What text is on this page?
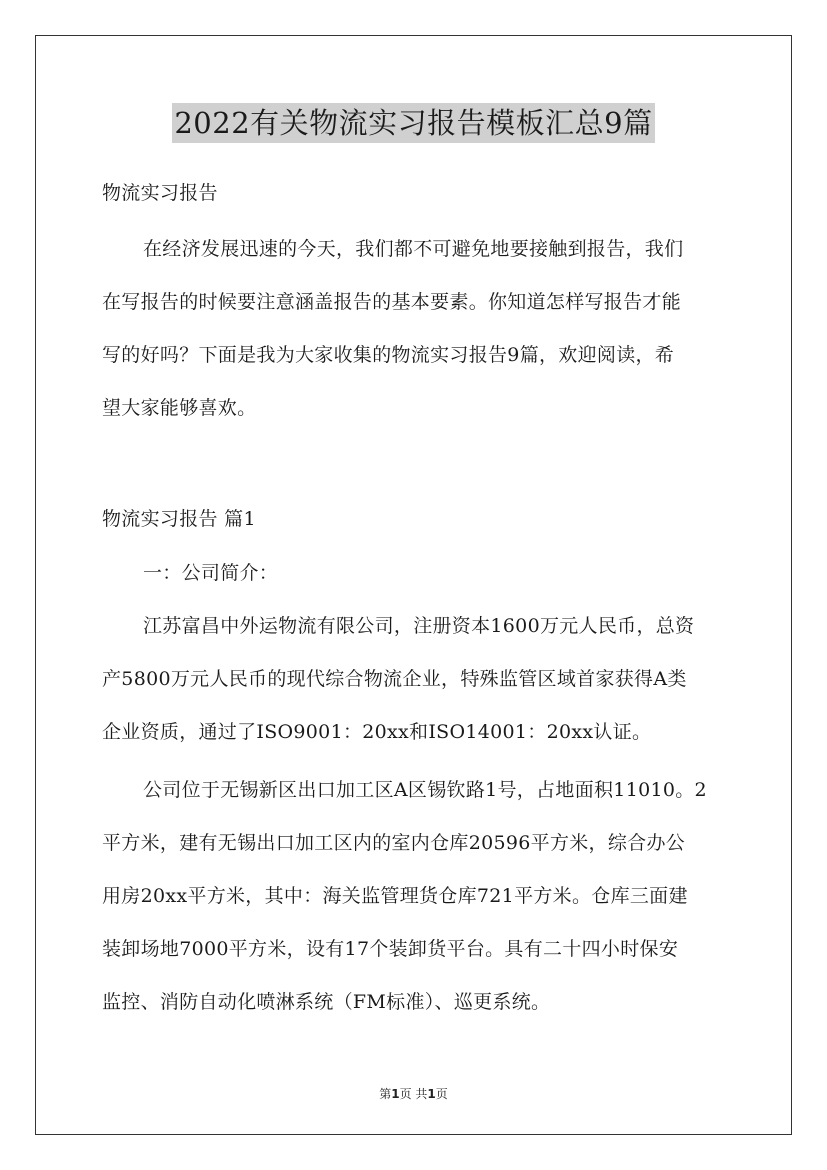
2022有关物流实习报告模板汇总9篇
物流实习报告
在经济发展迅速的今天，我们都不可避免地要接触到报告，我们
在写报告的时候要注意涵盖报告的基本要素。你知道怎样写报告才能
写的好吗？下面是我为大家收集的物流实习报告9篇，欢迎阅读，希
望大家能够喜欢。
物流实习报告 篇1
一：公司简介：
江苏富昌中外运物流有限公司，注册资本1600万元人民币，总资
产5800万元人民币的现代综合物流企业，特殊监管区域首家获得A类
企业资质，通过了ISO9001：20xx和ISO14001：20xx认证。
公司位于无锡新区出口加工区A区锡钦路1号，占地面积11010。2
平方米，建有无锡出口加工区内的室内仓库20596平方米，综合办公
用房20xx平方米，其中：海关监管理货仓库721平方米。仓库三面建
装卸场地7000平方米，设有17个装卸货平台。具有二十四小时保安
监控、消防自动化喷淋系统（FM标准）、巡更系统。
第1页 共1页
